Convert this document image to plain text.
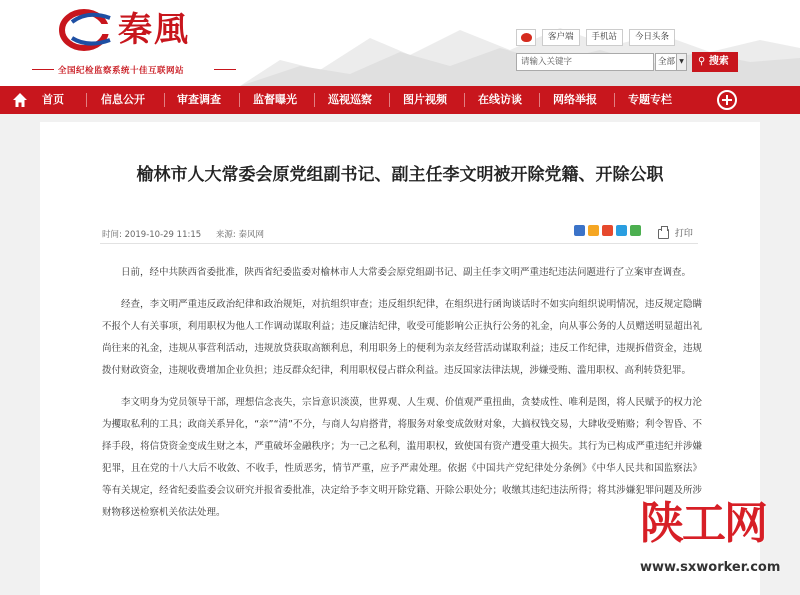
秦風
全国纪检监察系统十佳互联网站
客户端	手机站	今日头条
请输入关键字	全部 ▼	⚲ 搜索
首页	信息公开	审查调查	监督曝光	巡视巡察	图片视频	在线访谈	网络举报	专题专栏
榆林市人大常委会原党组副书记、副主任李文明被开除党籍、开除公职
时间: 2019-10-29 11:15 来源: 秦风网	打印

日前，经中共陕西省委批准，陕西省纪委监委对榆林市人大常委会原党组副书记、副主任李文明严重违纪违法问题进行了立案审查调查。

经查，李文明严重违反政治纪律和政治规矩，对抗组织审查；违反组织纪律，在组织进行函询谈话时不如实向组织说明情况，违反规定隐瞒不报个人有关事项，利用职权为他人工作调动谋取利益；违反廉洁纪律，收受可能影响公正执行公务的礼金，向从事公务的人员赠送明显超出礼尚往来的礼金，违规从事营利活动，违规放贷获取高额利息，利用职务上的便利为亲友经营活动谋取利益；违反工作纪律，违规拆借资金，违规拨付财政资金，违规收费增加企业负担；违反群众纪律，利用职权侵占群众利益。违反国家法律法规，涉嫌受贿、滥用职权、高利转贷犯罪。

李文明身为党员领导干部，理想信念丧失，宗旨意识淡漠，世界观、人生观、价值观严重扭曲，贪婪成性、唯利是图，将人民赋予的权力沦为攫取私利的工具；政商关系异化，“亲”“清”不分，与商人勾肩搭背，将服务对象变成敛财对象，大搞权钱交易，大肆收受贿赂；利令智昏、不择手段，将信贷资金变成生财之本，严重破坏金融秩序；为一己之私利，滥用职权，致使国有资产遭受重大损失。其行为已构成严重违纪并涉嫌犯罪，且在党的十八大后不收敛、不收手，性质恶劣，情节严重，应予严肃处理。依据《中国共产党纪律处分条例》《中华人民共和国监察法》等有关规定，经省纪委监委会议研究并报省委批准，决定给予李文明开除党籍、开除公职处分；收缴其违纪违法所得；将其涉嫌犯罪问题及所涉财物移送检察机关依法处理。	陕工网
www.sxworker.com
